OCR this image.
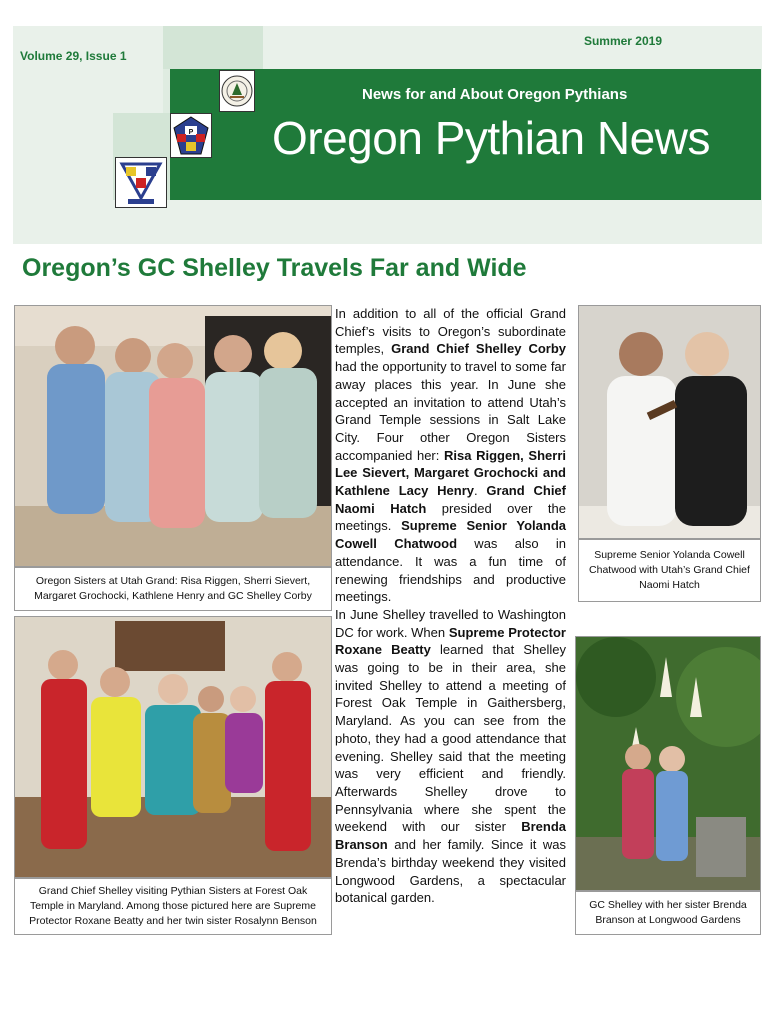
Summer 2019
Volume 29, Issue 1
News for and About Oregon Pythians
Oregon Pythian News
P
Oregon’s GC Shelley Travels Far and Wide
Oregon Sisters at Utah Grand: Risa Riggen, Sherri Sievert, Margaret Grochocki, Kathlene Henry and GC Shelley Corby
Grand Chief Shelley visiting Pythian Sisters at Forest Oak Temple in Maryland. Among those pictured here are Supreme Protector Roxane Beatty and her twin sister Rosalynn Benson

In addition to all of the official Grand Chief’s visits to Oregon’s subordinate temples, Grand Chief Shelley Corby had the opportunity to travel to some far away places this year. In June she accepted an invitation to attend Utah’s Grand Temple sessions in Salt Lake City. Four other Oregon Sisters accompanied her: Risa Riggen, Sherri Lee Sievert, Margaret Grochocki and Kathlene Lacy Henry. Grand Chief Naomi Hatch presided over the meetings. Supreme Senior Yolanda Cowell Chatwood was also in attendance. It was a fun time of renewing friendships and productive meetings.

In June Shelley travelled to Washington DC for work. When Supreme Protector Roxane Beatty learned that Shelley was going to be in their area, she invited Shelley to attend a meeting of Forest Oak Temple in Gaithersberg, Maryland. As you can see from the photo, they had a good attendance that evening. Shelley said that the meeting was very efficient and friendly. Afterwards Shelley drove to Pennsylvania where she spent the weekend with our sister Brenda Branson and her family. Since it was Brenda’s birthday weekend they visited Longwood Gardens, a spectacular botanical garden.

Supreme Senior Yolanda Cowell Chatwood with Utah’s Grand Chief Naomi Hatch
GC Shelley with her sister Brenda Branson at Longwood Gardens
